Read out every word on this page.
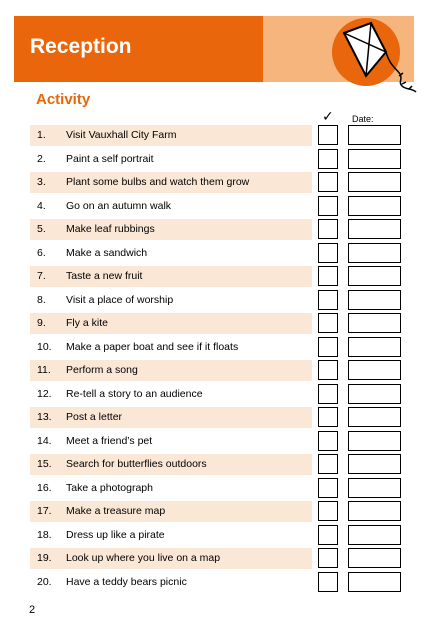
Reception
Activity
✓ Date:
1. Visit Vauxhall City Farm
2. Paint a self portrait
3. Plant some bulbs and watch them grow
4. Go on an autumn walk
5. Make leaf rubbings
6. Make a sandwich
7. Taste a new fruit
8. Visit a place of worship
9. Fly a kite
10. Make a paper boat and see if it floats
11. Perform a song
12. Re-tell a story to an audience
13. Post a letter
14. Meet a friend’s pet
15. Search for butterflies outdoors
16. Take a photograph
17. Make a treasure map
18. Dress up like a pirate
19. Look up where you live on a map
20. Have a teddy bears picnic
2
